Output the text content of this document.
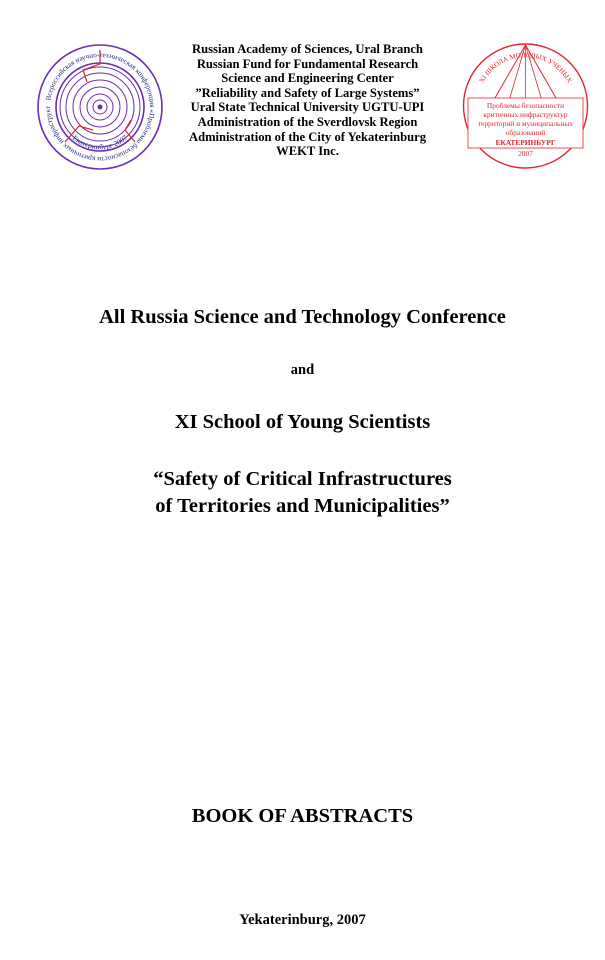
Всероссийская научно-техническая конференция «Проблемы безопасности критичных инфраструкт
Екатеринбург 2007
Russian Academy of Sciences, Ural Branch
Russian Fund for Fundamental Research
Science and Engineering Center
”Reliability and Safety of Large Systems”
Ural State Technical University UGTU-UPI
Administration of the Sverdlovsk Region
Administration of the City of Yekaterinburg
WEKT Inc.
XI ШКОЛА МОЛОДЫХ УЧЕНЫХ
Проблемы безопасности
критичных инфраструктур
территорий и муниципальных
образований
ЕКАТЕРИНБУРГ
2007
All Russia Science and Technology Conference
and
XI School of Young Scientists
“Safety of Critical Infrastructures
of Territories and Municipalities”
BOOK OF ABSTRACTS
Yekaterinburg, 2007
